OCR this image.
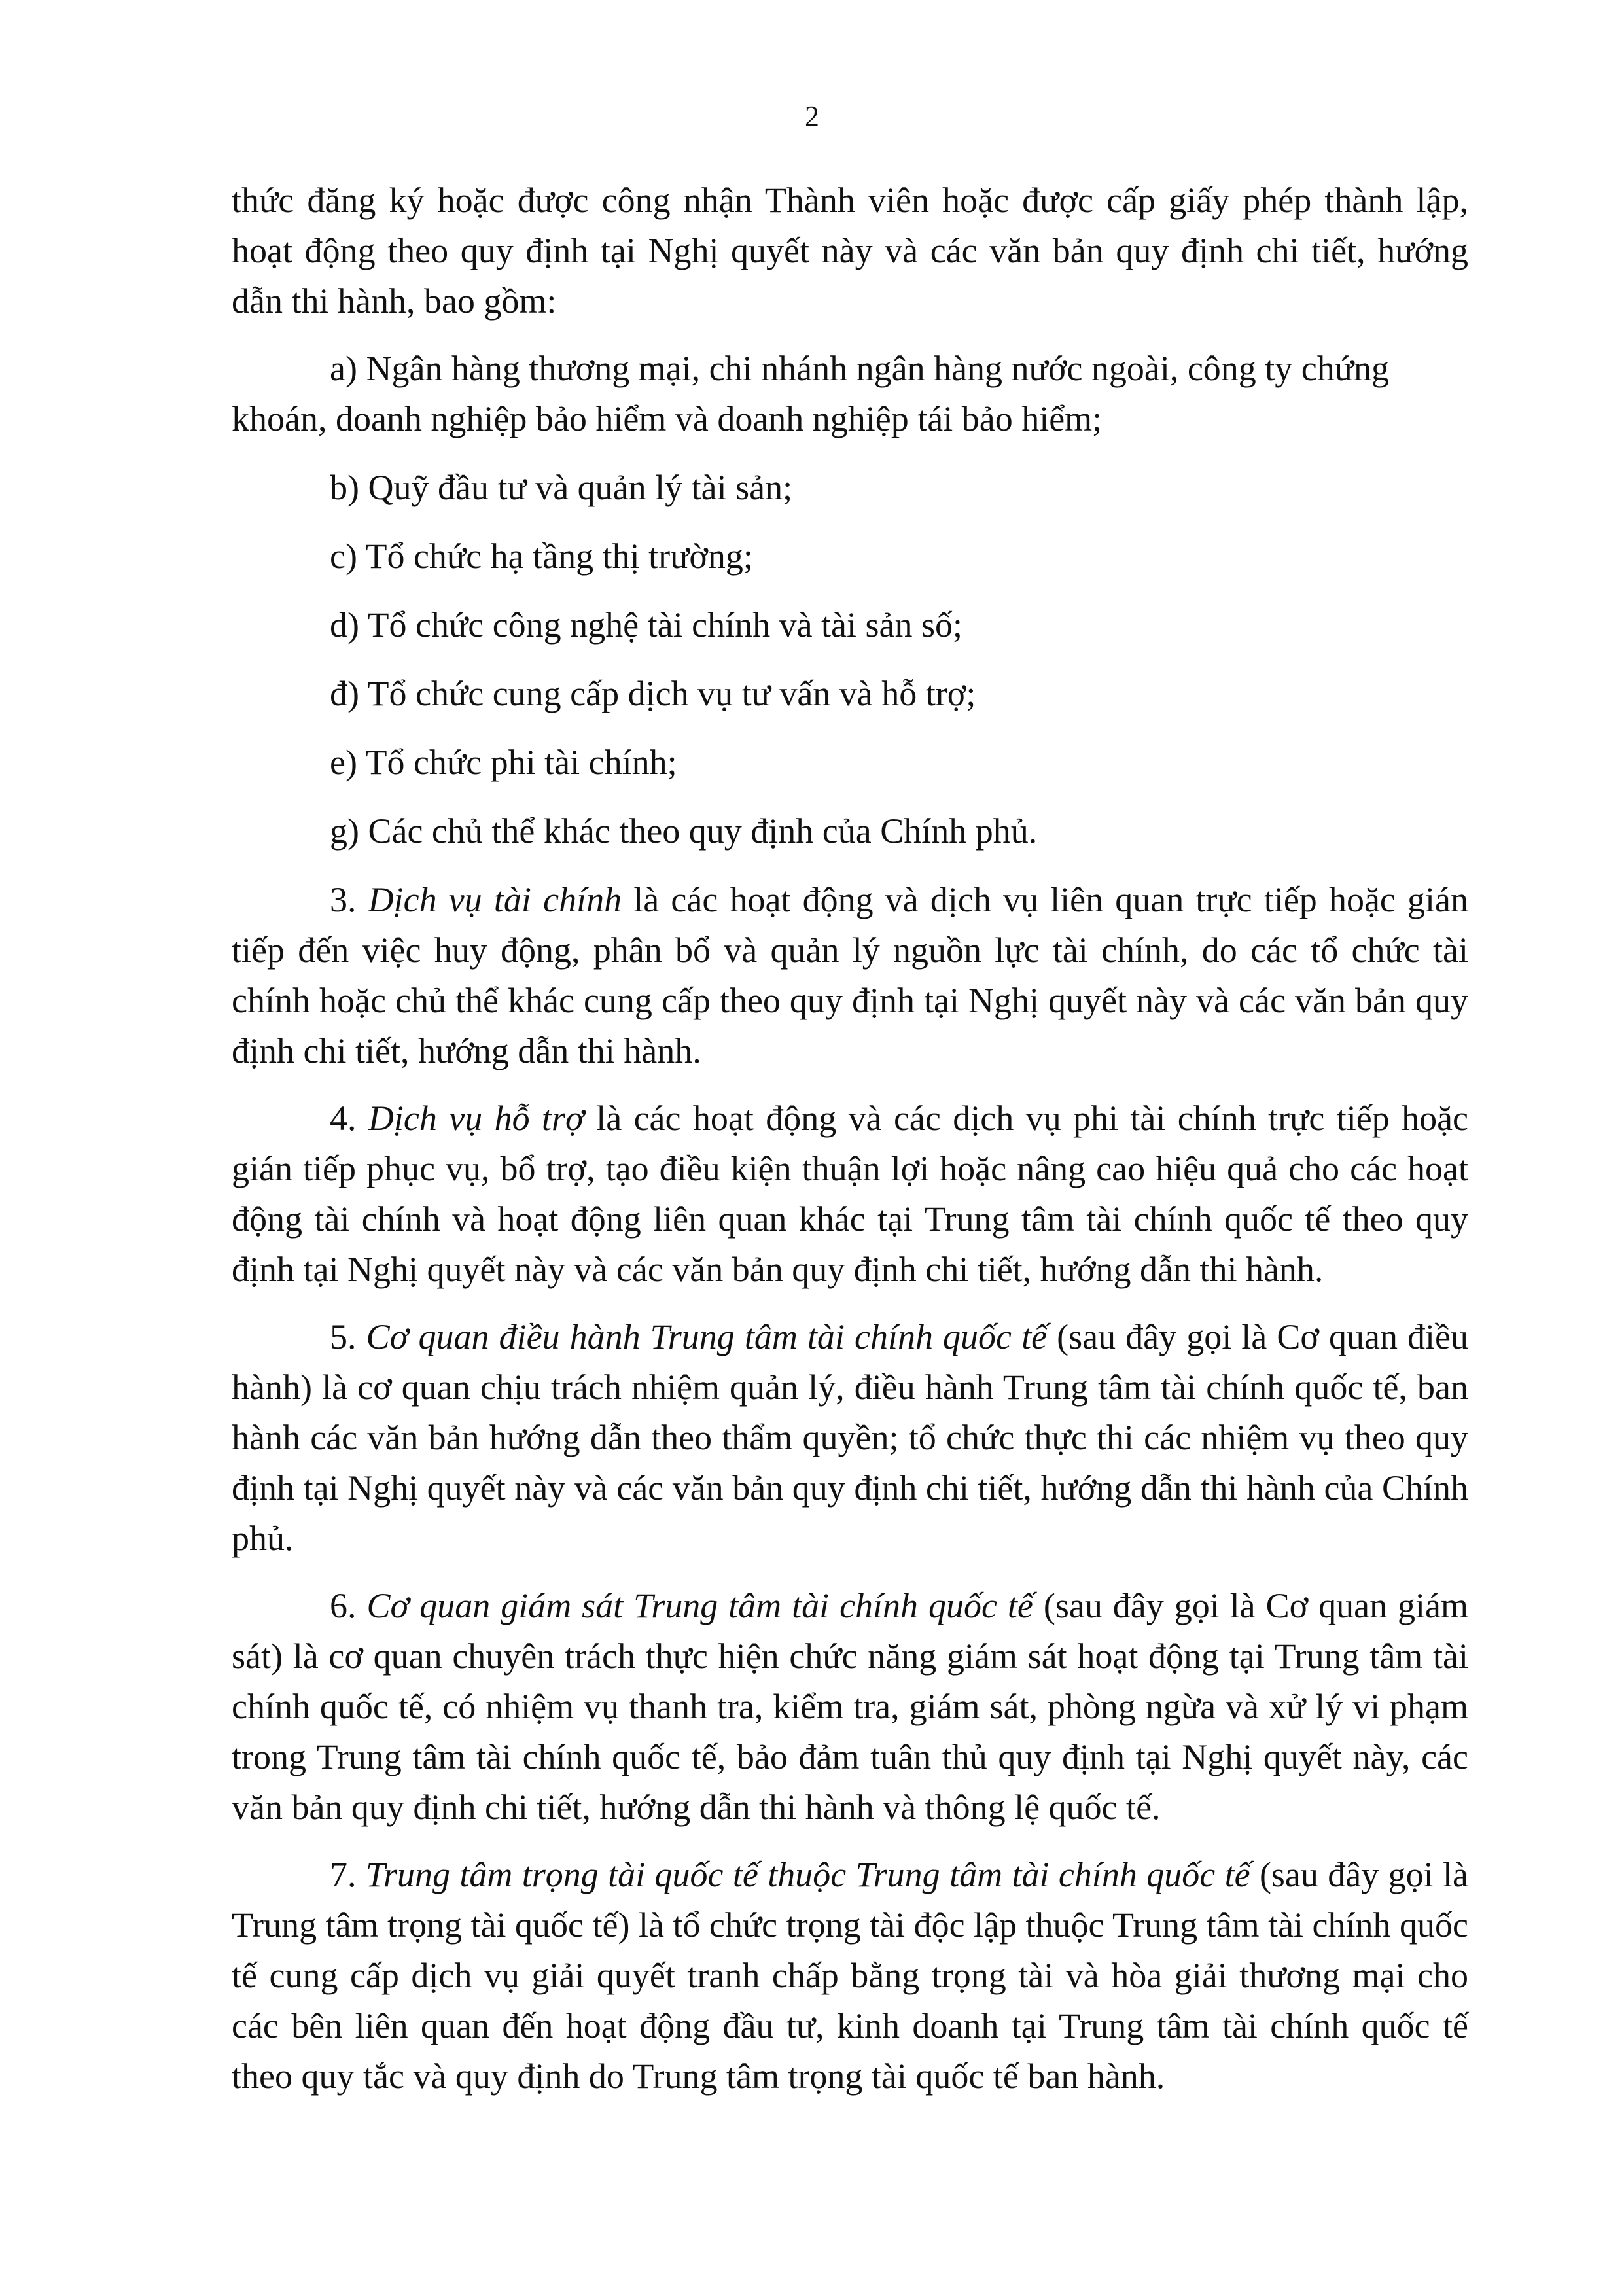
2

thức đăng ký hoặc được công nhận Thành viên hoặc được cấp giấy phép thành lập, hoạt động theo quy định tại Nghị quyết này và các văn bản quy định chi tiết, hướng dẫn thi hành, bao gồm:

a) Ngân hàng thương mại, chi nhánh ngân hàng nước ngoài, công ty chứng khoán, doanh nghiệp bảo hiểm và doanh nghiệp tái bảo hiểm;

b) Quỹ đầu tư và quản lý tài sản;

c) Tổ chức hạ tầng thị trường;

d) Tổ chức công nghệ tài chính và tài sản số;

đ) Tổ chức cung cấp dịch vụ tư vấn và hỗ trợ;

e) Tổ chức phi tài chính;

g) Các chủ thể khác theo quy định của Chính phủ.

3. Dịch vụ tài chính là các hoạt động và dịch vụ liên quan trực tiếp hoặc gián tiếp đến việc huy động, phân bổ và quản lý nguồn lực tài chính, do các tổ chức tài chính hoặc chủ thể khác cung cấp theo quy định tại Nghị quyết này và các văn bản quy định chi tiết, hướng dẫn thi hành.

4. Dịch vụ hỗ trợ là các hoạt động và các dịch vụ phi tài chính trực tiếp hoặc gián tiếp phục vụ, bổ trợ, tạo điều kiện thuận lợi hoặc nâng cao hiệu quả cho các hoạt động tài chính và hoạt động liên quan khác tại Trung tâm tài chính quốc tế theo quy định tại Nghị quyết này và các văn bản quy định chi tiết, hướng dẫn thi hành.

5. Cơ quan điều hành Trung tâm tài chính quốc tế (sau đây gọi là Cơ quan điều hành) là cơ quan chịu trách nhiệm quản lý, điều hành Trung tâm tài chính quốc tế, ban hành các văn bản hướng dẫn theo thẩm quyền; tổ chức thực thi các nhiệm vụ theo quy định tại Nghị quyết này và các văn bản quy định chi tiết, hướng dẫn thi hành của Chính phủ.

6. Cơ quan giám sát Trung tâm tài chính quốc tế (sau đây gọi là Cơ quan giám sát) là cơ quan chuyên trách thực hiện chức năng giám sát hoạt động tại Trung tâm tài chính quốc tế, có nhiệm vụ thanh tra, kiểm tra, giám sát, phòng ngừa và xử lý vi phạm trong Trung tâm tài chính quốc tế, bảo đảm tuân thủ quy định tại Nghị quyết này, các văn bản quy định chi tiết, hướng dẫn thi hành và thông lệ quốc tế.

7. Trung tâm trọng tài quốc tế thuộc Trung tâm tài chính quốc tế (sau đây gọi là Trung tâm trọng tài quốc tế) là tổ chức trọng tài độc lập thuộc Trung tâm tài chính quốc tế cung cấp dịch vụ giải quyết tranh chấp bằng trọng tài và hòa giải thương mại cho các bên liên quan đến hoạt động đầu tư, kinh doanh tại Trung tâm tài chính quốc tế theo quy tắc và quy định do Trung tâm trọng tài quốc tế ban hành.
